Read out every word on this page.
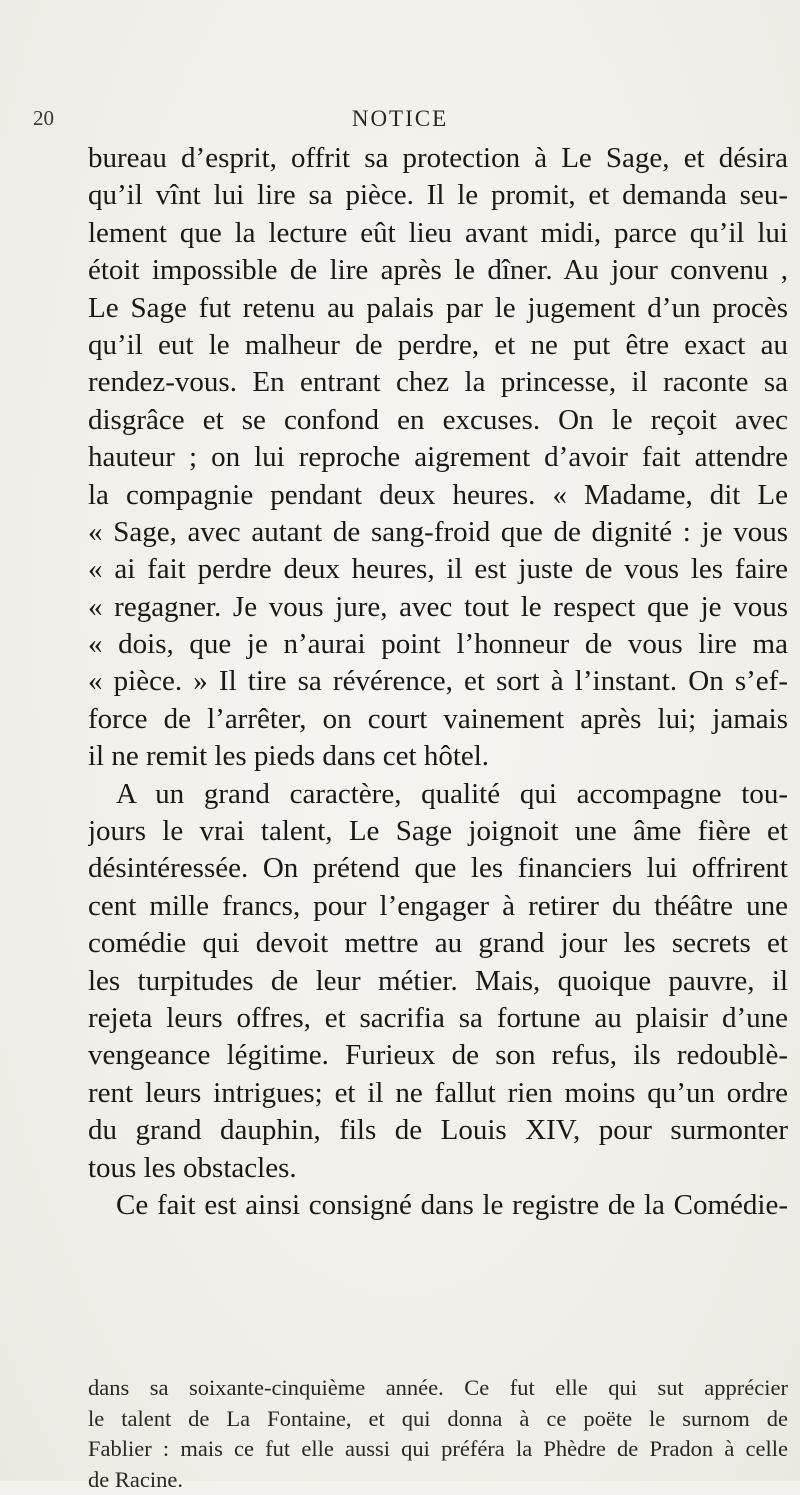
20	NOTICE
bureau d’esprit, offrit sa protection à Le Sage, et désira
qu’il vînt lui lire sa pièce. Il le promit, et demanda seu-
lement que la lecture eût lieu avant midi, parce qu’il lui
étoit impossible de lire après le dîner. Au jour convenu ,
Le Sage fut retenu au palais par le jugement d’un procès
qu’il eut le malheur de perdre, et ne put être exact au
rendez-vous. En entrant chez la princesse, il raconte sa
disgrâce et se confond en excuses. On le reçoit avec
hauteur ; on lui reproche aigrement d’avoir fait attendre
la compagnie pendant deux heures. « Madame, dit Le
« Sage, avec autant de sang-froid que de dignité : je vous
« ai fait perdre deux heures, il est juste de vous les faire
« regagner. Je vous jure, avec tout le respect que je vous
« dois, que je n’aurai point l’honneur de vous lire ma
« pièce. » Il tire sa révérence, et sort à l’instant. On s’ef-
force de l’arrêter, on court vainement après lui; jamais
il ne remit les pieds dans cet hôtel.
A un grand caractère, qualité qui accompagne tou-
jours le vrai talent, Le Sage joignoit une âme fière et
désintéressée. On prétend que les financiers lui offrirent
cent mille francs, pour l’engager à retirer du théâtre une
comédie qui devoit mettre au grand jour les secrets et
les turpitudes de leur métier. Mais, quoique pauvre, il
rejeta leurs offres, et sacrifia sa fortune au plaisir d’une
vengeance légitime. Furieux de son refus, ils redoublè-
rent leurs intrigues; et il ne fallut rien moins qu’un ordre
du grand dauphin, fils de Louis XIV, pour surmonter
tous les obstacles.
Ce fait est ainsi consigné dans le registre de la Comédie-
dans sa soixante-cinquième année. Ce fut elle qui sut apprécier
le talent de La Fontaine, et qui donna à ce poëte le surnom de
Fablier : mais ce fut elle aussi qui préféra la Phèdre de Pradon à celle
de Racine.
